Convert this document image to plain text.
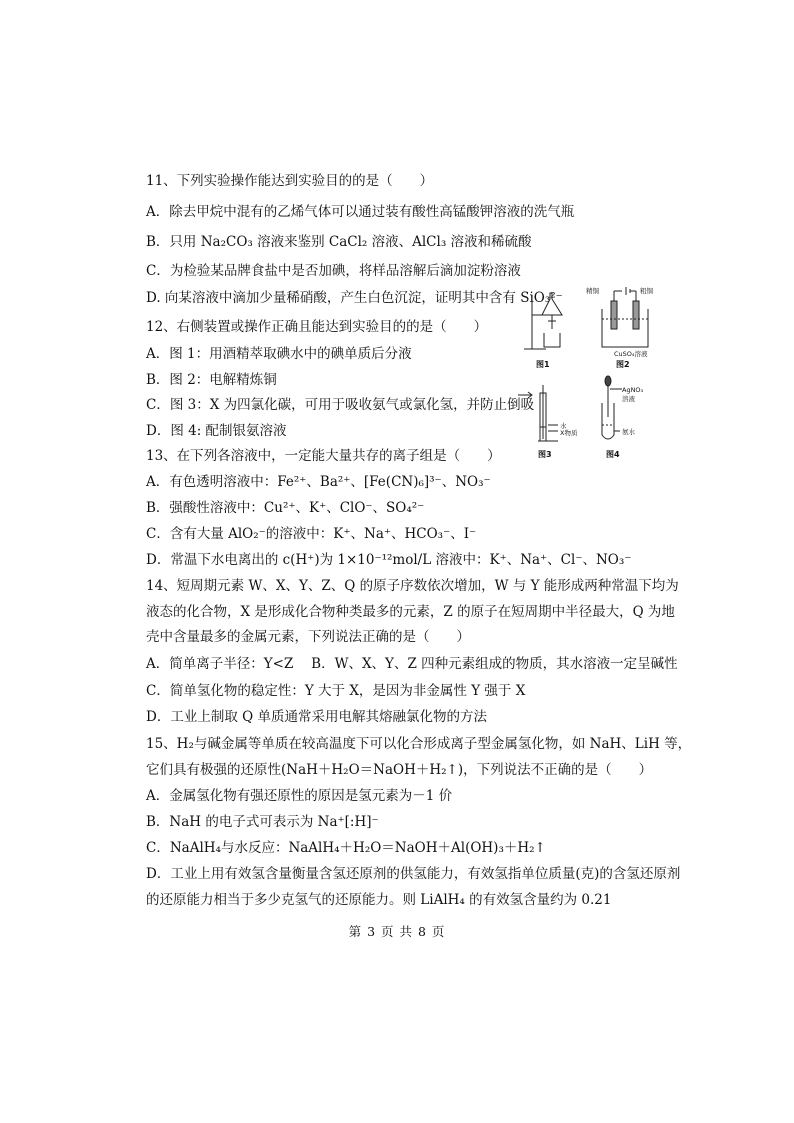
11、下列实验操作能达到实验目的的是（　　）
A．除去甲烷中混有的乙烯气体可以通过装有酸性高锰酸钾溶液的洗气瓶
B．只用 Na₂CO₃ 溶液来鉴别 CaCl₂ 溶液、AlCl₃ 溶液和稀硫酸
C．为检验某品牌食盐中是否加碘，将样品溶解后滴加淀粉溶液
D. 向某溶液中滴加少量稀硝酸，产生白色沉淀，证明其中含有 SiO₃²⁻
12、右侧装置或操作正确且能达到实验目的的是（　　）
A．图 1：用酒精萃取碘水中的碘单质后分液
B．图 2：电解精炼铜
C．图 3：X 为四氯化碳，可用于吸收氨气或氯化氢，并防止倒吸
D．图 4: 配制银氨溶液
13、在下列各溶液中，一定能大量共存的离子组是（　　）
A．有色透明溶液中：Fe²⁺、Ba²⁺、[Fe(CN)₆]³⁻、NO₃⁻
B．强酸性溶液中：Cu²⁺、K⁺、ClO⁻、SO₄²⁻
C．含有大量 AlO₂⁻的溶液中：K⁺、Na⁺、HCO₃⁻、I⁻
D．常温下水电离出的 c(H⁺)为 1×10⁻¹²mol/L 溶液中：K⁺、Na⁺、Cl⁻、NO₃⁻
14、短周期元素 W、X、Y、Z、Q 的原子序数依次增加，W 与 Y 能形成两种常温下均为
液态的化合物，X 是形成化合物种类最多的元素，Z 的原子在短周期中半径最大，Q 为地
壳中含量最多的金属元素，下列说法正确的是（　　）
A．简单离子半径：Y<Z　 B．W、X、Y、Z 四种元素组成的物质，其水溶液一定呈碱性
C．简单氢化物的稳定性：Y 大于 X，是因为非金属性 Y 强于 X
D．工业上制取 Q 单质通常采用电解其熔融氯化物的方法
15、H₂与碱金属等单质在较高温度下可以化合形成离子型金属氢化物，如 NaH、LiH 等，
它们具有极强的还原性(NaH＋H₂O＝NaOH＋H₂↑)，下列说法不正确的是（　　）
A．金属氢化物有强还原性的原因是氢元素为－1 价
B．NaH 的电子式可表示为 Na⁺[:H]⁻
C．NaAlH₄与水反应：NaAlH₄＋H₂O＝NaOH＋Al(OH)₃＋H₂↑
D．工业上用有效氢含量衡量含氢还原剂的供氢能力，有效氢指单位质量(克)的含氢还原剂
的还原能力相当于多少克氢气的还原能力。则 LiAlH₄ 的有效氢含量约为 0.21
图1	图2
图3	图4
精铜	粗铜
CuSO₄溶液
水
X物质
AgNO₃
溶液
氨水
第 3 页 共 8 页
